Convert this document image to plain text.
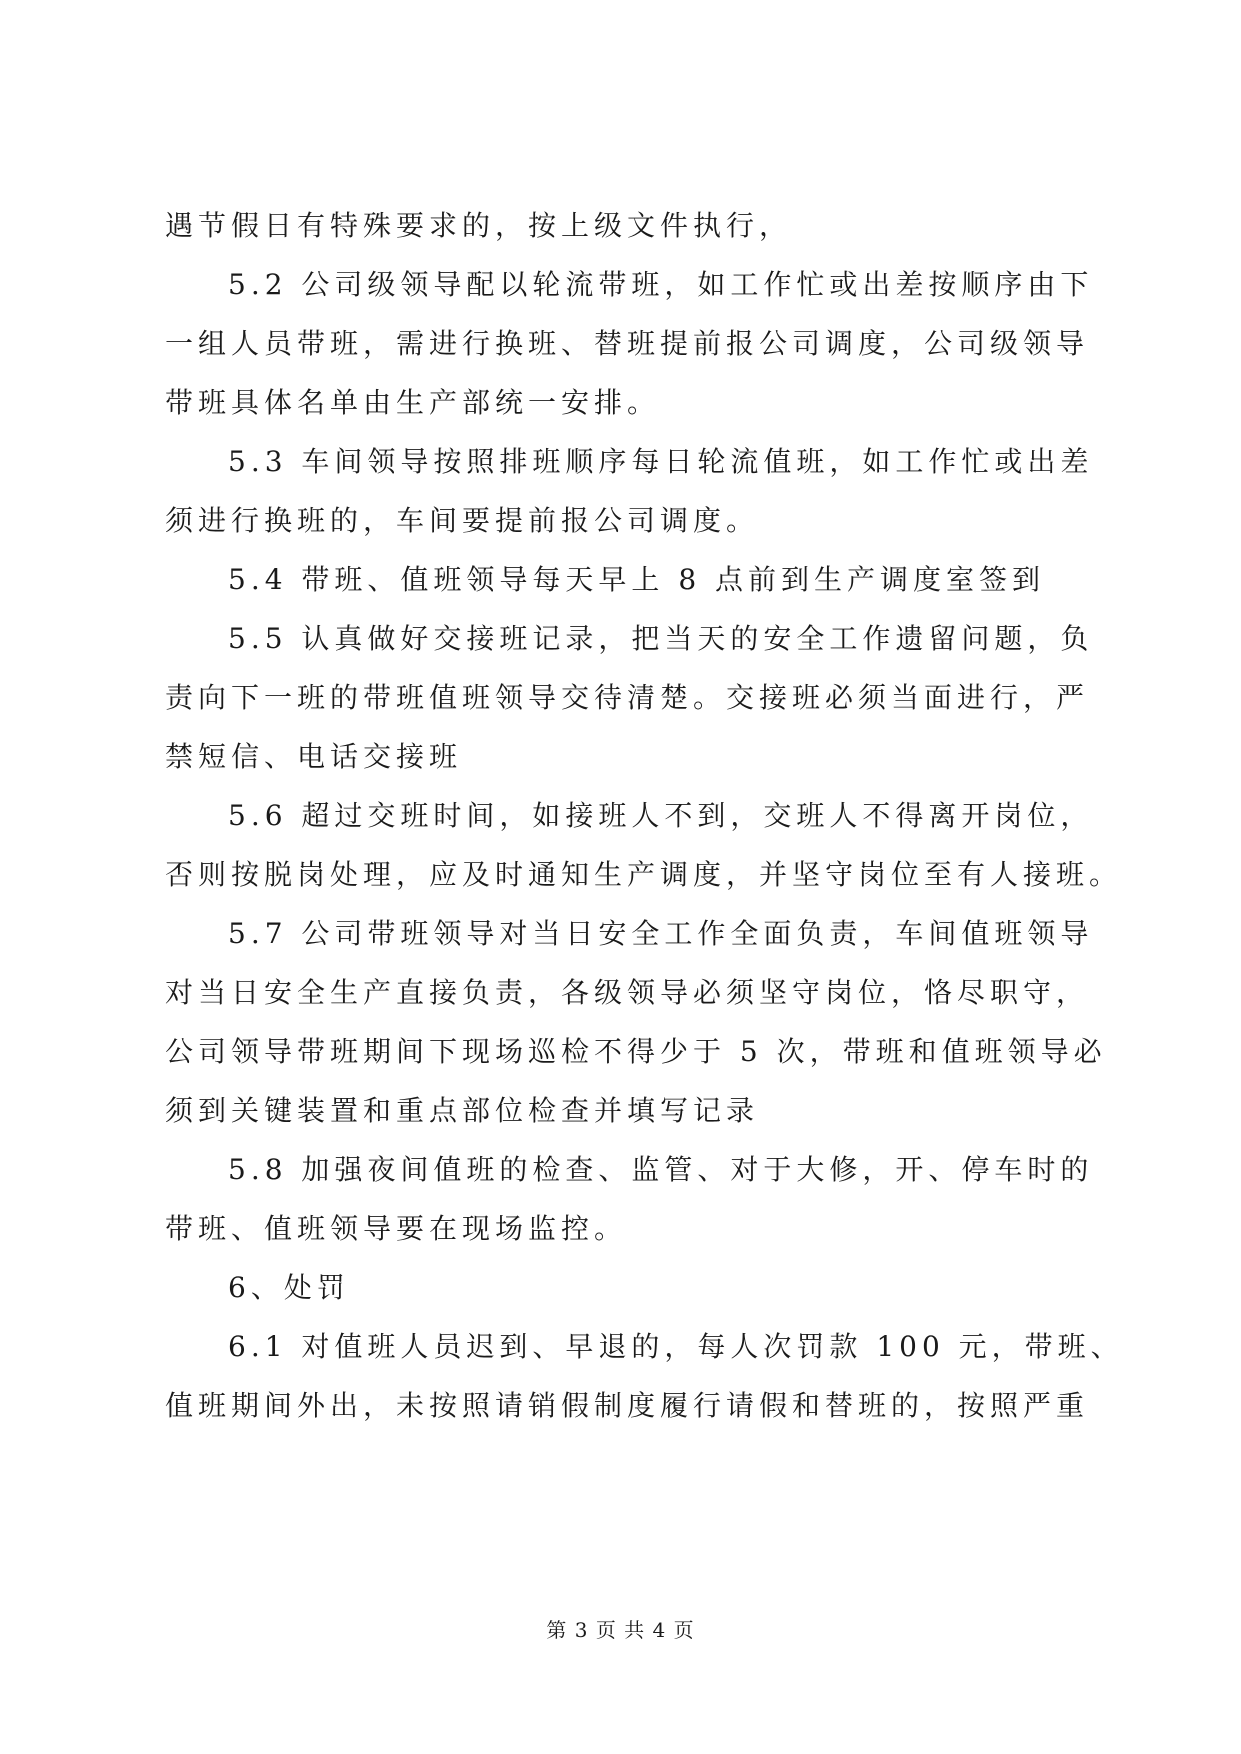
遇节假日有特殊要求的，按上级文件执行，
5.2 公司级领导配以轮流带班，如工作忙或出差按顺序由下
一组人员带班，需进行换班、替班提前报公司调度，公司级领导
带班具体名单由生产部统一安排。
5.3 车间领导按照排班顺序每日轮流值班，如工作忙或出差
须进行换班的，车间要提前报公司调度。
5.4 带班、值班领导每天早上 8 点前到生产调度室签到
5.5 认真做好交接班记录，把当天的安全工作遗留问题，负
责向下一班的带班值班领导交待清楚。交接班必须当面进行，严
禁短信、电话交接班
5.6 超过交班时间，如接班人不到，交班人不得离开岗位，
否则按脱岗处理，应及时通知生产调度，并坚守岗位至有人接班。
5.7 公司带班领导对当日安全工作全面负责，车间值班领导
对当日安全生产直接负责，各级领导必须坚守岗位，恪尽职守，
公司领导带班期间下现场巡检不得少于 5 次，带班和值班领导必
须到关键装置和重点部位检查并填写记录
5.8 加强夜间值班的检查、监管、对于大修，开、停车时的
带班、值班领导要在现场监控。
6、处罚
6.1 对值班人员迟到、早退的，每人次罚款 100 元，带班、
值班期间外出，未按照请销假制度履行请假和替班的，按照严重
第 3 页 共 4 页
